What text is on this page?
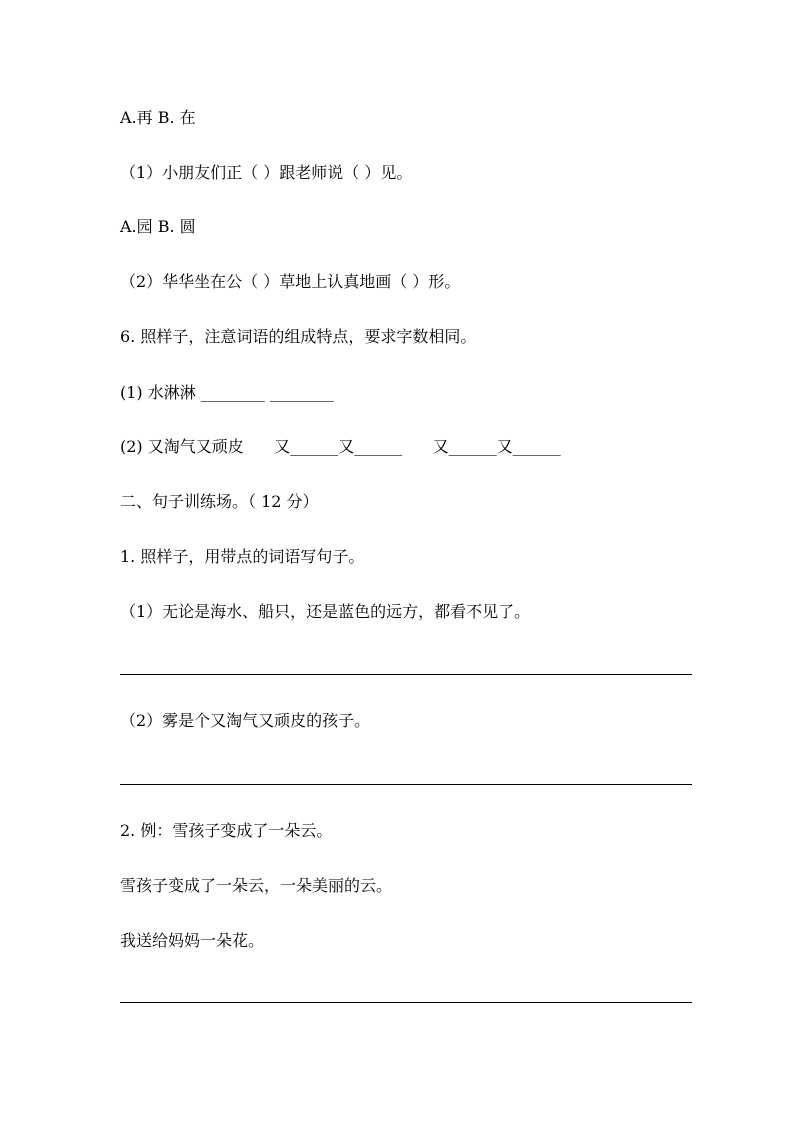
A.再 B. 在
（1）小朋友们正（ ）跟老师说（ ）见。
A.园 B. 圆
（2）华华坐在公（ ）草地上认真地画（ ）形。
6. 照样子，注意词语的组成特点，要求字数相同。
(1) 水淋淋 ________ ________
(2) 又淘气又顽皮      又______又______      又______又______
二、句子训练场。（ 12 分）
1. 照样子，用带点的词语写句子。
（1）无论是海水、船只，还是蓝色的远方，都看不见了。
（2）雾是个又淘气又顽皮的孩子。
2. 例：雪孩子变成了一朵云。
雪孩子变成了一朵云，一朵美丽的云。
我送给妈妈一朵花。
